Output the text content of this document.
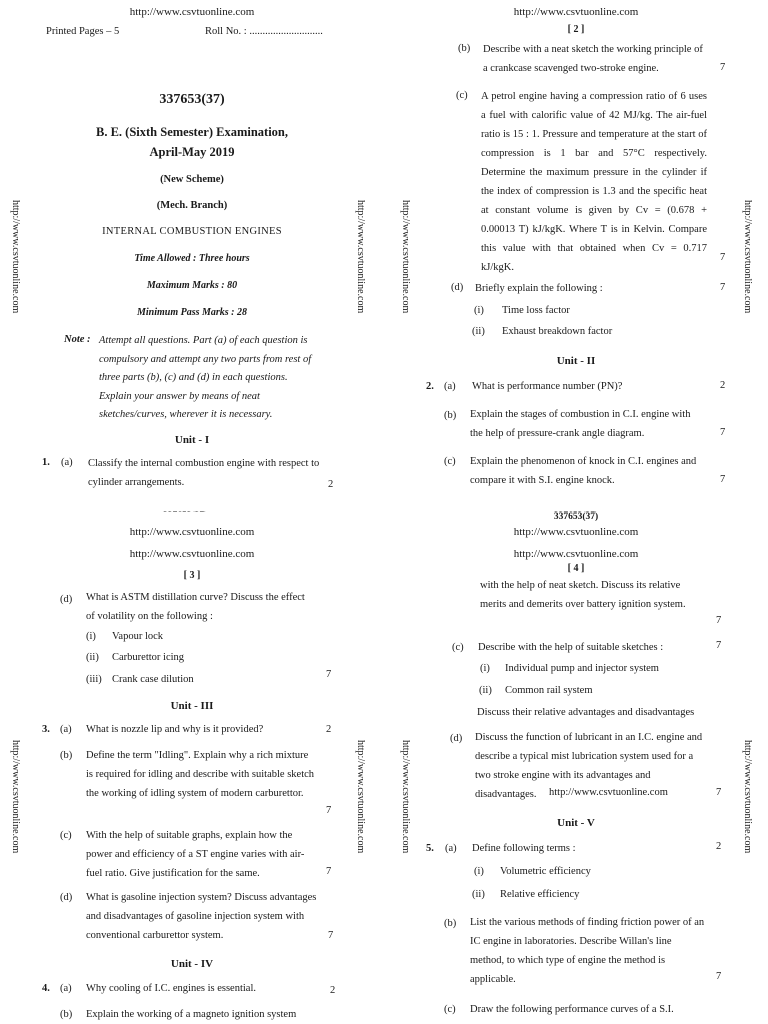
http://www.csvtuonline.com	http://www.csvtuonline.com	http://www.csvtuonline.com	http://www.csvtuonline.com
http://www.csvtuonline.com	http://www.csvtuonline.com	http://www.csvtuonline.com	http://www.csvtuonline.com
http://www.csvtuonline.com
Printed Pages – 5	Roll No. : ............................
337653(37)
B. E. (Sixth Semester) Examination,
April-May 2019
(New Scheme)
(Mech. Branch)
INTERNAL COMBUSTION ENGINES
Time Allowed : Three hours
Maximum Marks : 80
Minimum Pass Marks : 28
Note : Attempt all questions. Part (a) of each question is compulsory and attempt any two parts from rest of three parts (b), (c) and (d) in each questions. Explain your answer by means of neat sketches/curves, wherever it is necessary.
Unit - I
1. (a) Classify the internal combustion engine with respect to cylinder arrangements.	2
http://www.csvtuonline.com
[ 2 ]
(b) Describe with a neat sketch the working principle of a crankcase scavenged two-stroke engine.	7
(c) A petrol engine having a compression ratio of 6 uses a fuel with calorific value of 42 MJ/kg. The air-fuel ratio is 15 : 1. Pressure and temperature at the start of compression is 1 bar and 57°C respectively. Determine the maximum pressure in the cylinder if the index of compression is 1.3 and the specific heat at constant volume is given by Cv = (0.678 + 0.00013 T) kJ/kgK. Where T is in Kelvin. Compare this value with that obtained when Cv = 0.717 kJ/kgK.
7
(d) Briefly explain the following :	7
(i) Time loss factor
(ii) Exhaust breakdown factor
Unit - II
2. (a) What is performance number (PN)?	2
(b) Explain the stages of combustion in C.I. engine with the help of pressure-crank angle diagram.	7
(c) Explain the phenomenon of knock in C.I. engines and compare it with S.I. engine knock.	7
http://www.csvtuonline.com
http://www.csvtuonline.com
[ 3 ]
(d) What is ASTM distillation curve? Discuss the effect of volatility on the following :
(i) Vapour lock
(ii) Carburettor icing
(iii) Crank case dilution	7
Unit - III
3. (a) What is nozzle lip and why is it provided?	2
(b) Define the term "Idling". Explain why a rich mixture is required for idling and describe with suitable sketch the working of idling system of modern carburettor.
7
(c) With the help of suitable graphs, explain how the power and efficiency of a ST engine varies with air-fuel ratio. Give justification for the same.	7
(d) What is gasoline injection system? Discuss advantages and disadvantages of gasoline injection system with conventional carburettor system.	7
Unit - IV
4. (a) Why cooling of I.C. engines is essential.	2
(b) Explain the working of a magneto ignition system
337653(37)
http://www.csvtuonline.com
http://www.csvtuonline.com
[ 4 ]
with the help of neat sketch. Discuss its relative merits and demerits over battery ignition system.
7
(c) Describe with the help of suitable sketches :	7
(i) Individual pump and injector system
(ii) Common rail system
Discuss their relative advantages and disadvantages
(d) Discuss the function of lubricant in an I.C. engine and describe a typical mist lubrication system used for a two stroke engine with its advantages and disadvantages.	http://www.csvtuonline.com	7
Unit - V
5. (a) Define following terms :	2
(i) Volumetric efficiency
(ii) Relative efficiency
(b) List the various methods of finding friction power of an IC engine in laboratories. Describe Willan's line method, to which type of engine the method is applicable.	7
(c) Draw the following performance curves of a S.I.
